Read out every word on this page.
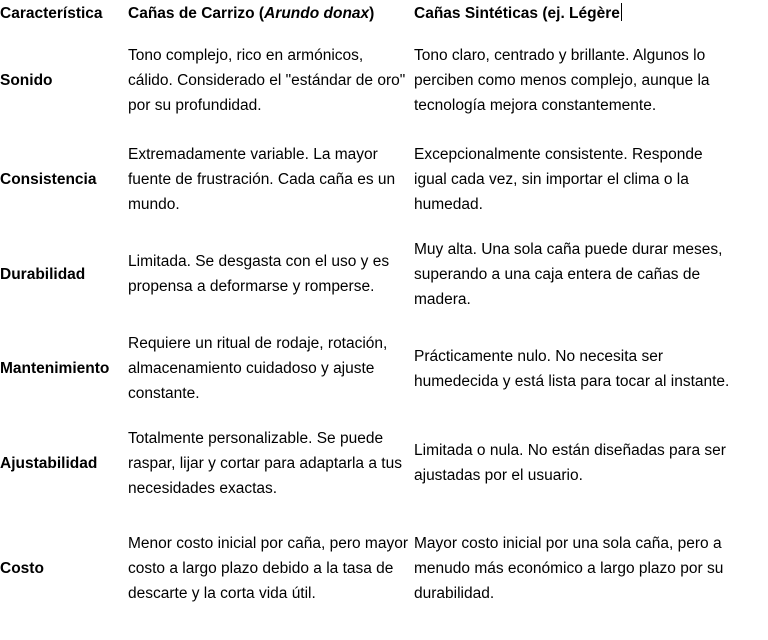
Característica	Cañas de Carrizo (Arundo donax)	Cañas Sintéticas (ej. Légère
Sonido	Tono complejo, rico en armónicos, cálido. Considerado el "estándar de oro" por su profundidad.	Tono claro, centrado y brillante. Algunos lo perciben como menos complejo, aunque la tecnología mejora constantemente.
Consistencia	Extremadamente variable. La mayor fuente de frustración. Cada caña es un mundo.	Excepcionalmente consistente. Responde igual cada vez, sin importar el clima o la humedad.
Durabilidad	Limitada. Se desgasta con el uso y es propensa a deformarse y romperse.	Muy alta. Una sola caña puede durar meses, superando a una caja entera de cañas de madera.
Mantenimiento	Requiere un ritual de rodaje, rotación, almacenamiento cuidadoso y ajuste constante.	Prácticamente nulo. No necesita ser humedecida y está lista para tocar al instante.
Ajustabilidad	Totalmente personalizable. Se puede raspar, lijar y cortar para adaptarla a tus necesidades exactas.	Limitada o nula. No están diseñadas para ser ajustadas por el usuario.
Costo	Menor costo inicial por caña, pero mayor costo a largo plazo debido a la tasa de descarte y la corta vida útil.	Mayor costo inicial por una sola caña, pero a menudo más económico a largo plazo por su durabilidad.
